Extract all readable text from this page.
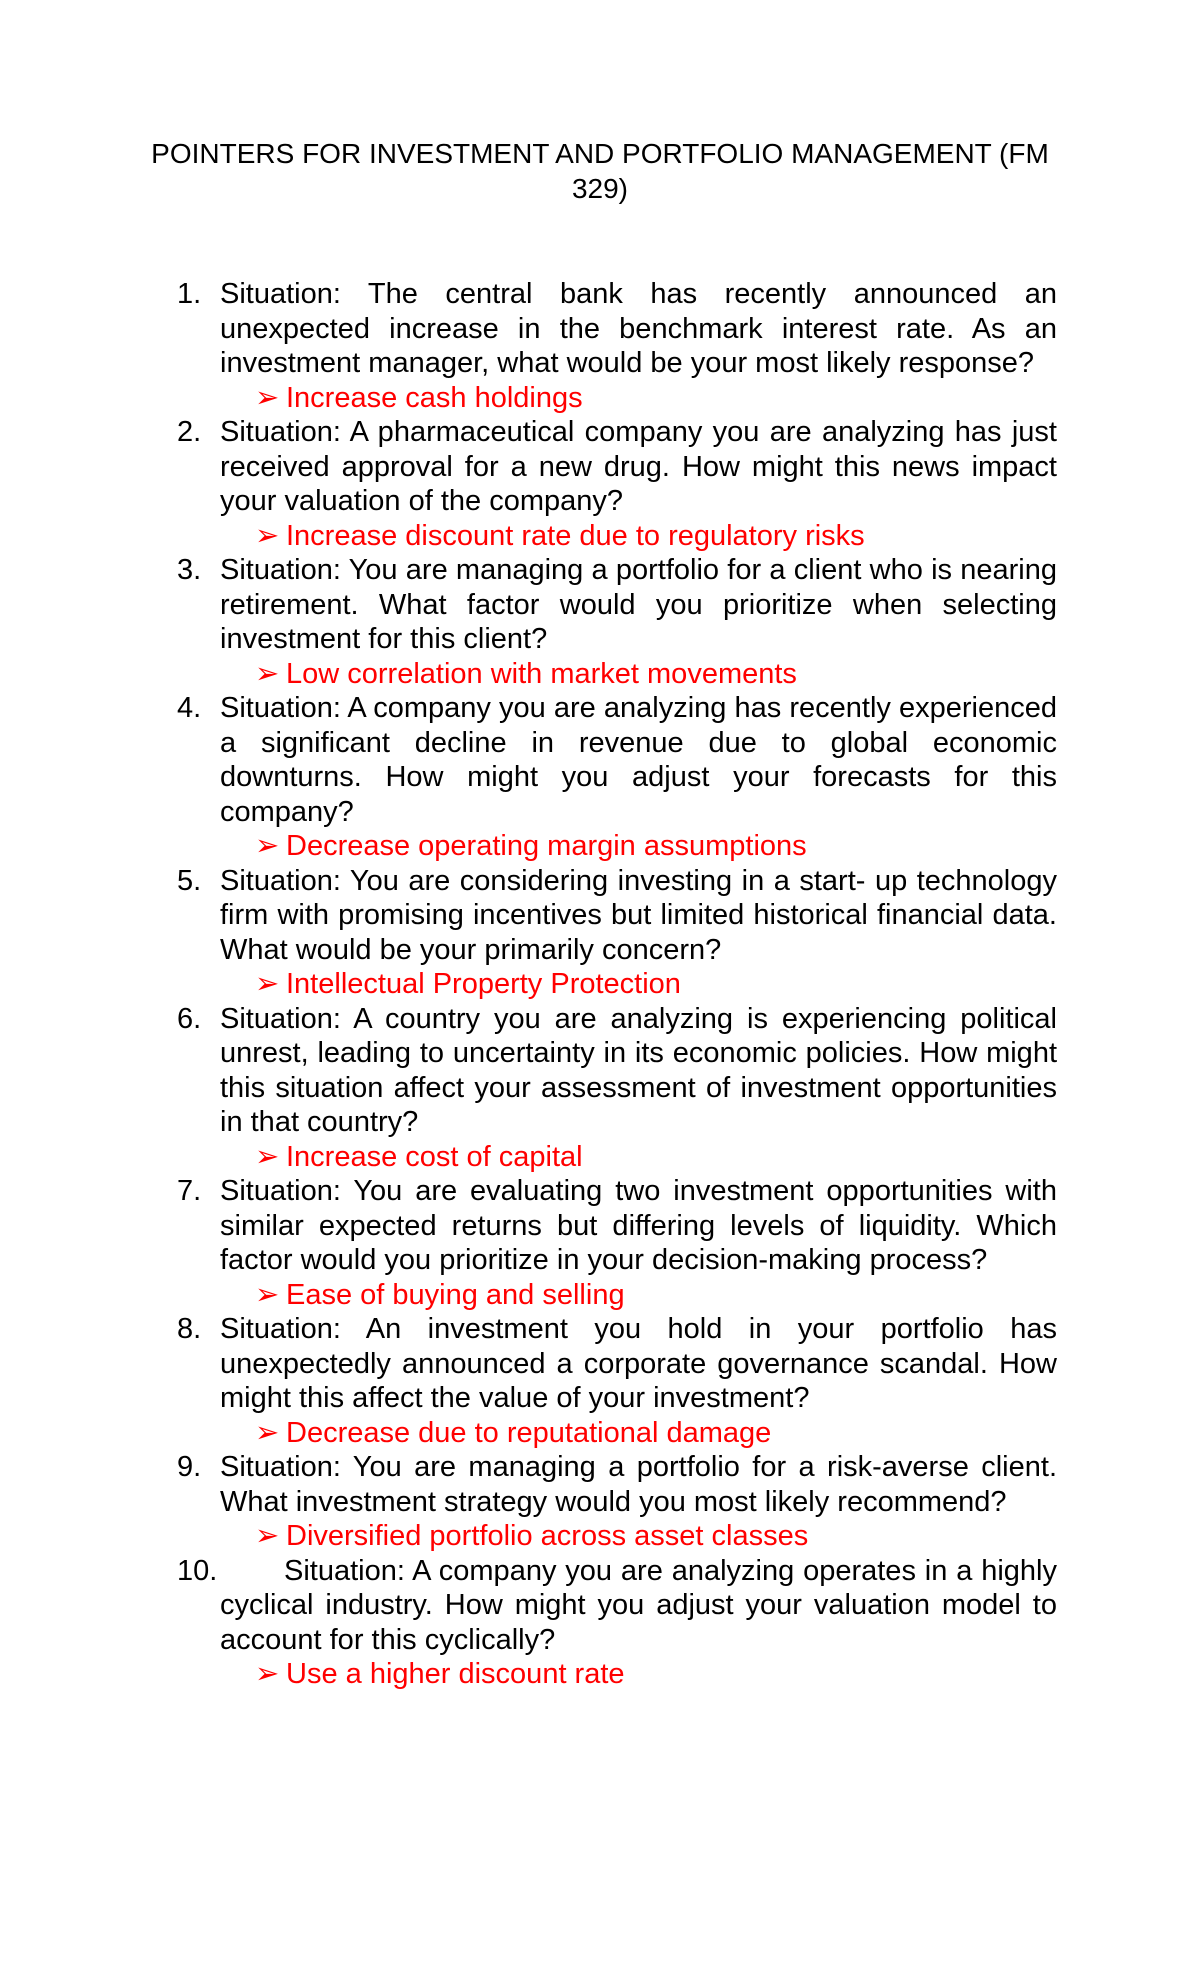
POINTERS FOR INVESTMENT AND PORTFOLIO MANAGEMENT (FM 329)
1. Situation: The central bank has recently announced an unexpected increase in the benchmark interest rate. As an investment manager, what would be your most likely response?

➢ Increase cash holdings

2. Situation: A pharmaceutical company you are analyzing has just received approval for a new drug. How might this news impact your valuation of the company?

➢ Increase discount rate due to regulatory risks

3. Situation: You are managing a portfolio for a client who is nearing retirement. What factor would you prioritize when selecting investment for this client?

➢ Low correlation with market movements

4. Situation: A company you are analyzing has recently experienced a significant decline in revenue due to global economic downturns. How might you adjust your forecasts for this company?

➢ Decrease operating margin assumptions

5. Situation: You are considering investing in a start- up technology firm with promising incentives but limited historical financial data. What would be your primarily concern?

➢ Intellectual Property Protection

6. Situation: A country you are analyzing is experiencing political unrest, leading to uncertainty in its economic policies. How might this situation affect your assessment of investment opportunities in that country?

➢ Increase cost of capital

7. Situation: You are evaluating two investment opportunities with similar expected returns but differing levels of liquidity. Which factor would you prioritize in your decision-making process?

➢ Ease of buying and selling

8. Situation: An investment you hold in your portfolio has unexpectedly announced a corporate governance scandal. How might this affect the value of your investment?

➢ Decrease due to reputational damage

9. Situation: You are managing a portfolio for a risk-averse client. What investment strategy would you most likely recommend?

➢ Diversified portfolio across asset classes

10.	Situation: A company you are analyzing operates in a highly cyclical industry. How might you adjust your valuation model to account for this cyclically?

➢ Use a higher discount rate
